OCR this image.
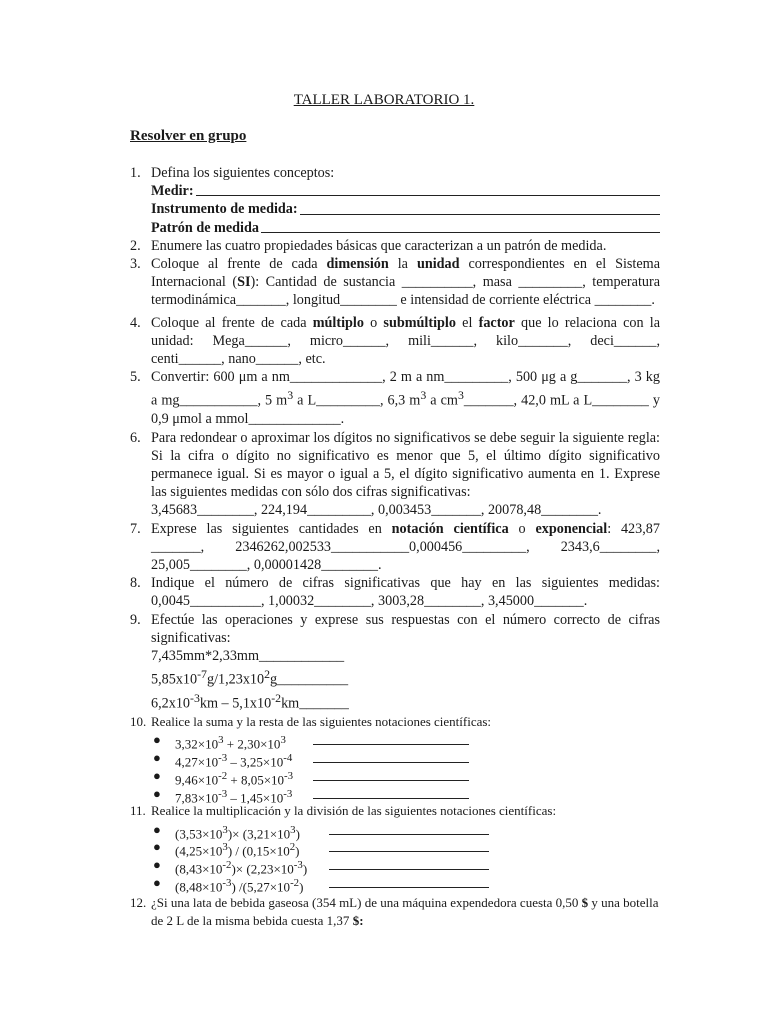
TALLER LABORATORIO 1.
Resolver en grupo
1. Defina los siguientes conceptos:
Medir :
Instrumento de medida :
Patrón de medida
2. Enumere las cuatro propiedades básicas que caracterizan a un patrón de medida.
3. Coloque al frente de cada dimensión la unidad correspondientes en el Sistema Internacional (SI): Cantidad de sustancia __________, masa _________, temperatura termodinámica_______, longitud________ e intensidad de corriente eléctrica ________.
4. Coloque al frente de cada múltiplo o submúltiplo el factor que lo relaciona con la unidad: Mega______, micro______, mili______, kilo_______, deci______, centi______, nano______, etc.
5. Convertir: 600 μm a nm_____________, 2 m a nm_________, 500 μg a g_______, 3 kg a mg___________, 5 $m^3$ a L_________, 6,3 $m^3$ a $cm^3\_\_\_\_\_\_\_$, 42,0 mL a L________ y 0,9 μmol a mmol_____________.
6. Para redondear o aproximar los dígitos no significativos se debe seguir la siguiente regla: Si la cifra o dígito no significativo es menor que 5, el último dígito significativo permanece igual. Si es mayor o igual a 5, el dígito significativo aumenta en 1. Exprese las siguientes medidas con sólo dos cifras significativas:
3,45683________, 224,194_________, 0,003453_______, 20078,48________.
7. Exprese las siguientes cantidades en notación científica o exponencial: 423,87 _______, 2346262,002533___________0,000456_________, 2343,6________, 25,005________, 0,00001428________.
8. Indique el número de cifras significativas que hay en las siguientes medidas: 0,0045__________, 1,00032________, 3003,28________, 3,45000_______.
9. Efectúe las operaciones y exprese sus respuestas con el número correcto de cifras significativas:
7,435mm*2,33mm____________
$5,85x10^{-7}g/1,23x10^2g\_\_\_\_\_\_\_\_\_\_$
$6,2x10^{-3}km$ – $5,1x10^{-2}km\_\_\_\_\_\_\_$
10. Realice la suma y la resta de las siguientes notaciones científicas:
● $3,32\times 10^3 + 2,30\times 10^3$
● $4,27\times 10^{-3} - 3,25\times 10^{-4}$
● $9,46\times 10^{-2} + 8,05\times 10^{-3}$
● $7,83\times 10^{-3} - 1,45\times 10^{-3}$
11. Realice la multiplicación y la división de las siguientes notaciones científicas:
● $(3,53\times 10^3)\times (3,21\times 10^3)$
● $(4,25\times 10^3) / (0,15\times 10^2)$
● $(8,43\times 10^{-2})\times (2,23\times 10^{-3})$
● $(8,48\times 10^{-3})$ $/(5,27\times 10^{-2})$
12. ¿Si una lata de bebida gaseosa (354 mL) de una máquina expendedora cuesta 0,50 $ y una botella de 2 L de la misma bebida cuesta 1,37 $:
